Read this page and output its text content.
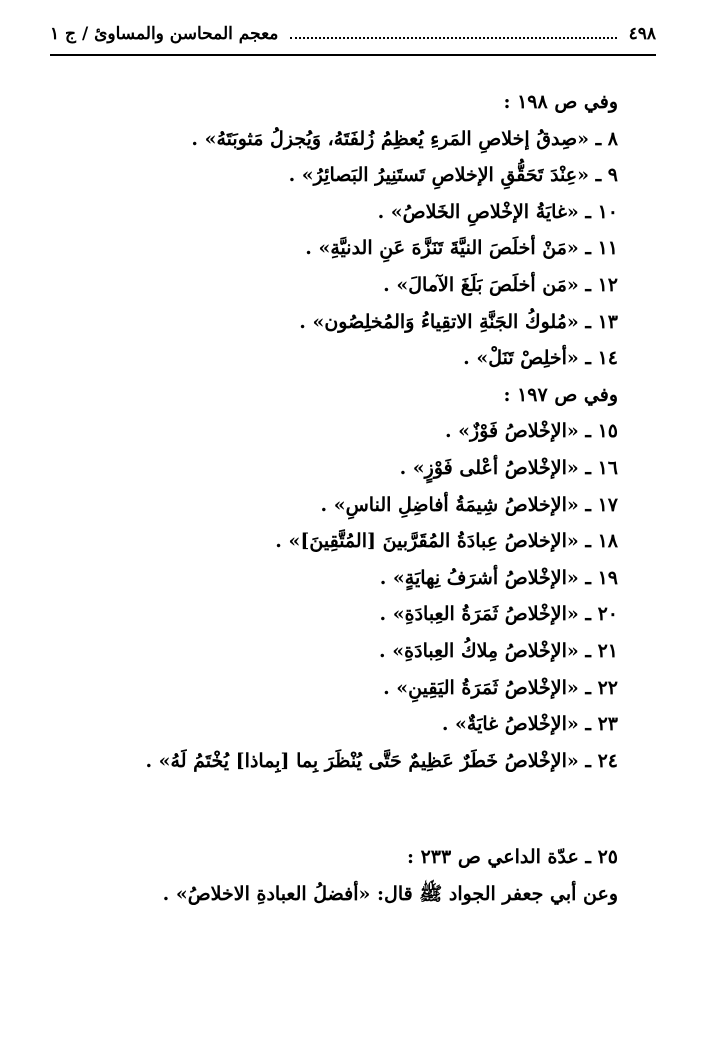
٤٩٨
معجم المحاسن والمساوئ / ج ١
وفي ص ١٩٨ :
٨ ـ «صِدقُ إخلاصِ المَرءِ يُعظِمُ زُلفَتَهُ، وَيُجزلُ مَثوبَتَهُ» .
٩ ـ «عِنْدَ تَحَقُّقِ الإخلاصِ تَستَنِيرُ البَصائِرُ» .
١٠ ـ «غايَةُ الإخْلاصِ الخَلاصُ» .
١١ ـ «مَنْ أخلَصَ النيَّةَ تَنَزَّهَ عَنِ الدنيَّةِ» .
١٢ ـ «مَن أخلَصَ بَلَغَ الآمالَ» .
١٣ ـ «مُلوكُ الجَنَّةِ الاتقِياءُ وَالمُخلِصُون» .
١٤ ـ «أخلِصْ تَنَلْ» .
وفي ص ١٩٧ :
١٥ ـ «الإخْلاصُ فَوْزٌ» .
١٦ ـ «الإخْلاصُ أعْلى فَوْزٍ» .
١٧ ـ «الإخلاصُ شِيمَةُ أفاضِلِ الناسِ» .
١٨ ـ «الإخلاصُ عِبادَةُ المُقَرَّبينَ [المُتَّقِينَ]» .
١٩ ـ «الإخْلاصُ أشرَفُ نِهايَةٍ» .
٢٠ ـ «الإخْلاصُ ثَمَرَةُ العِبادَةِ» .
٢١ ـ «الإخْلاصُ مِلاكُ العِبادَةِ» .
٢٢ ـ «الإخْلاصُ ثَمَرَةُ اليَقِينِ» .
٢٣ ـ «الإخْلاصُ غايَةٌ» .
٢٤ ـ «الإخْلاصُ خَطَرٌ عَظِيمٌ حَتَّى يُنْظَرَ بِما [بِماذا] يُخْتَمُ لَهُ» .
٢٥ ـ عدّة الداعي ص ٢٣٣ :
وعن أبي جعفر الجواد ﷺ قال: «أفضلُ العبادةِ الاخلاصُ» .
